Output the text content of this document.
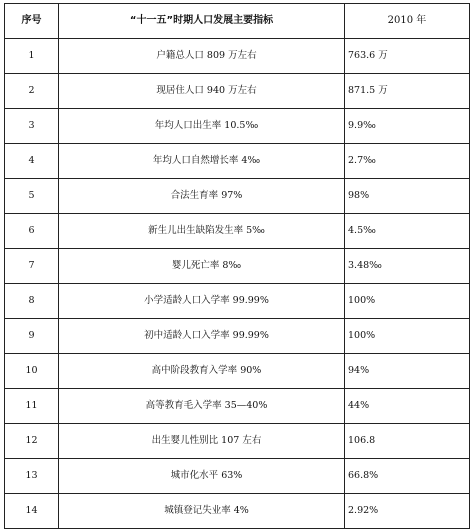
序号	“十一五”时期人口发展主要指标	2010 年
1	户籍总人口 809 万左右	763.6 万
2	现居住人口 940 万左右	871.5 万
3	年均人口出生率 10.5‰	9.9‰
4	年均人口自然增长率 4‰	2.7‰
5	合法生育率 97%	98%
6	新生儿出生缺陷发生率 5‰	4.5‰
7	婴儿死亡率 8‰	3.48‰
8	小学适龄人口入学率 99.99%	100%
9	初中适龄人口入学率 99.99%	100%
10	高中阶段教育入学率 90%	94%
11	高等教育毛入学率 35—40%	44%
12	出生婴儿性别比 107 左右	106.8
13	城市化水平 63%	66.8%
14	城镇登记失业率 4%	2.92%
